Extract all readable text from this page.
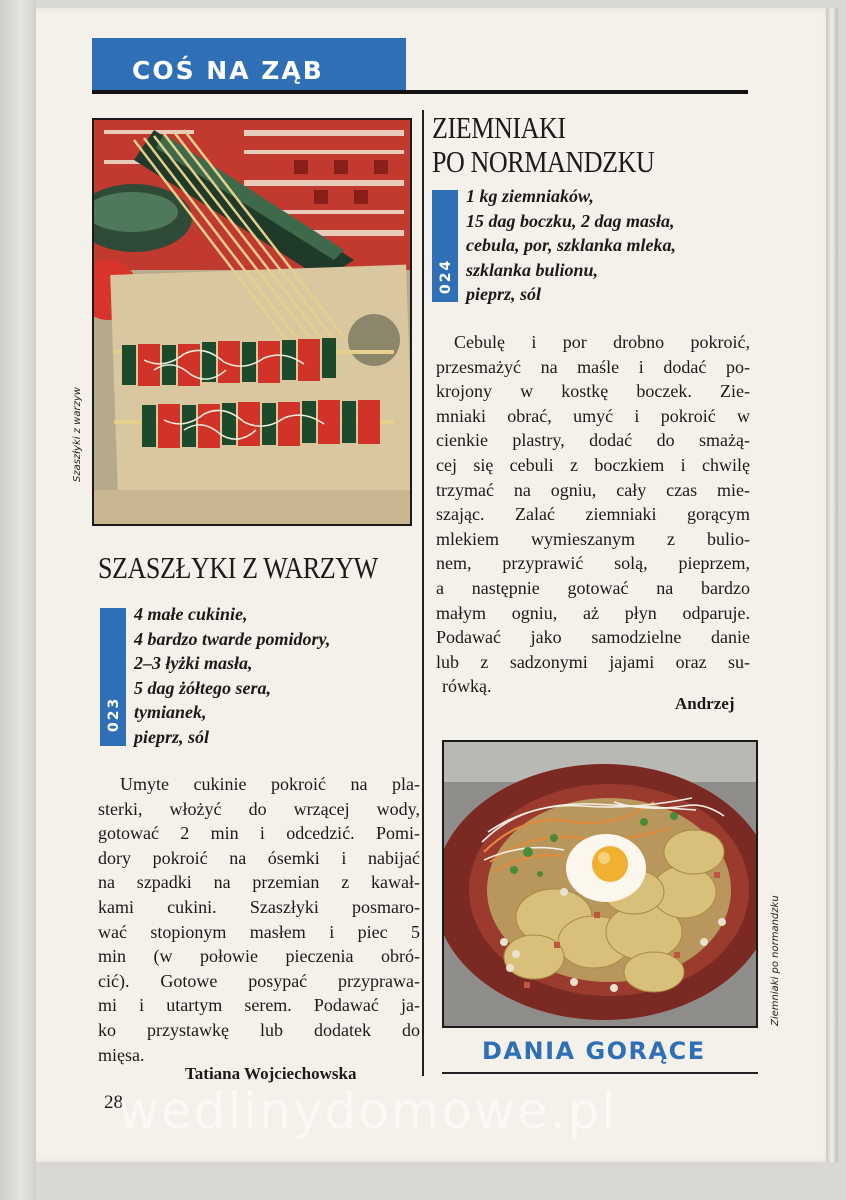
COŚ NA ZĄB
Szaszłyki z warzyw
SZASZŁYKI Z WARZYW
023
4 małe cukinie,
4 bardzo twarde pomidory,
2–3 łyżki masła,
5 dag żółtego sera,
tymianek,
pieprz, sól
Umyte cukinie pokroić na pla-
sterki, włożyć do wrzącej wody,
gotować 2 min i odcedzić. Pomi-
dory pokroić na ósemki i nabijać
na szpadki na przemian z kawał-
kami cukini. Szaszłyki posmaro-
wać stopionym masłem i piec 5
min (w połowie pieczenia obró-
cić). Gotowe posypać przyprawa-
mi i utartym serem. Podawać ja-
ko przystawkę lub dodatek do
mięsa.
Tatiana Wojciechowska
ZIEMNIAKI
PO NORMANDZKU
024
1 kg ziemniaków,
15 dag boczku, 2 dag masła,
cebula, por, szklanka mleka,
szklanka bulionu,
pieprz, sól
Cebulę i por drobno pokroić,
przesmażyć na maśle i dodać po-
krojony w kostkę boczek. Zie-
mniaki obrać, umyć i pokroić w
cienkie plastry, dodać do smażą-
cej się cebuli z boczkiem i chwilę
trzymać na ogniu, cały czas mie-
szając. Zalać ziemniaki gorącym
mlekiem wymieszanym z bulio-
nem, przyprawić solą, pieprzem,
a następnie gotować na bardzo
małym ogniu, aż płyn odparuje.
Podawać jako samodzielne danie
lub z sadzonymi jajami oraz su-
rówką.
Andrzej
Ziemniaki po normandzku
DANIA GORĄCE
28
wedlinydomowe.pl
